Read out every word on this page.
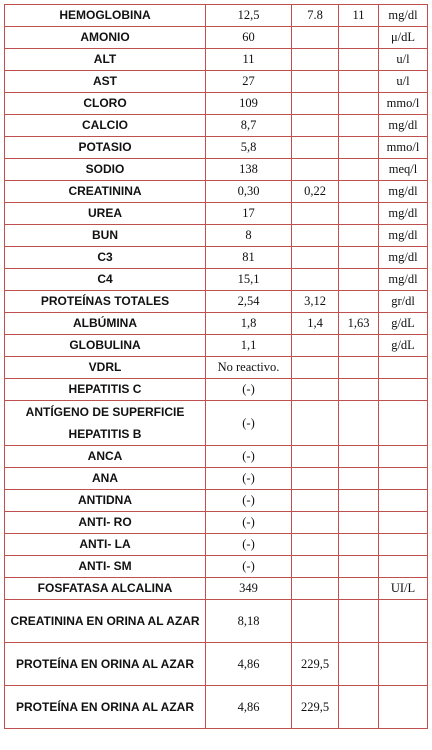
HEMOGLOBINA	12,5	7.8	11	mg/dl
AMONIO	60			μ/dL
ALT	11			u/l
AST	27			u/l
CLORO	109			mmo/l
CALCIO	8,7			mg/dl
POTASIO	5,8			mmo/l
SODIO	138			meq/l
CREATININA	0,30	0,22		mg/dl
UREA	17			mg/dl
BUN	8			mg/dl
C3	81			mg/dl
C4	15,1			mg/dl
PROTEÍNAS TOTALES	2,54	3,12		gr/dl
ALBÚMINA	1,8	1,4	1,63	g/dL
GLOBULINA	1,1			g/dL
VDRL	No reactivo.			
HEPATITIS C	(-)			
ANTÍGENO DE SUPERFICIE HEPATITIS B	(-)			
ANCA	(-)			
ANA	(-)			
ANTIDNA	(-)			
ANTI- RO	(-)			
ANTI- LA	(-)			
ANTI- SM	(-)			
FOSFATASA ALCALINA	349			UI/L
CREATININA EN ORINA AL AZAR	8,18			
PROTEÍNA EN ORINA AL AZAR	4,86	229,5		
PROTEÍNA EN ORINA AL AZAR	4,86	229,5		
